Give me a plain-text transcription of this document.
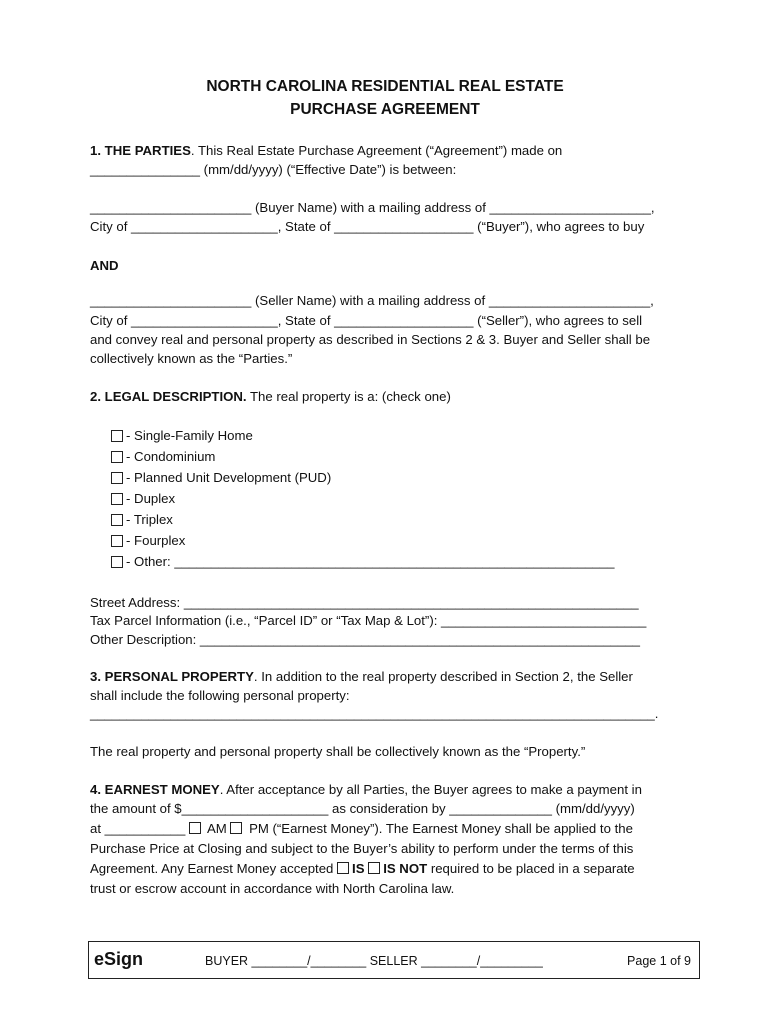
NORTH CAROLINA RESIDENTIAL REAL ESTATE
PURCHASE AGREEMENT
1. THE PARTIES. This Real Estate Purchase Agreement (“Agreement”) made on
_______________ (mm/dd/yyyy) (“Effective Date”) is between:
______________________ (Buyer Name) with a mailing address of ______________________,
City of ____________________, State of ___________________ (“Buyer”), who agrees to buy
AND
______________________ (Seller Name) with a mailing address of ______________________,
City of ____________________, State of ___________________ (“Seller”), who agrees to sell
and convey real and personal property as described in Sections 2 & 3. Buyer and Seller shall be
collectively known as the “Parties.”
2. LEGAL DESCRIPTION. The real property is a: (check one)
- Single-Family Home
- Condominium
- Planned Unit Development (PUD)
- Duplex
- Triplex
- Fourplex
- Other: ____________________________________________________________
Street Address: ______________________________________________________________
Tax Parcel Information (i.e., “Parcel ID” or “Tax Map & Lot”): ____________________________
Other Description: ____________________________________________________________
3. PERSONAL PROPERTY. In addition to the real property described in Section 2, the Seller
shall include the following personal property:
_____________________________________________________________________________.
The real property and personal property shall be collectively known as the “Property.”
4. EARNEST MONEY. After acceptance by all Parties, the Buyer agrees to make a payment in
the amount of $____________________ as consideration by ______________ (mm/dd/yyyy)
at ___________  AM  PM (“Earnest Money”). The Earnest Money shall be applied to the
Purchase Price at Closing and subject to the Buyer’s ability to perform under the terms of this
Agreement. Any Earnest Money accepted IS IS NOT required to be placed in a separate
trust or escrow account in accordance with North Carolina law.
eSign	BUYER ________/________ SELLER ________/_________	Page 1 of 9
